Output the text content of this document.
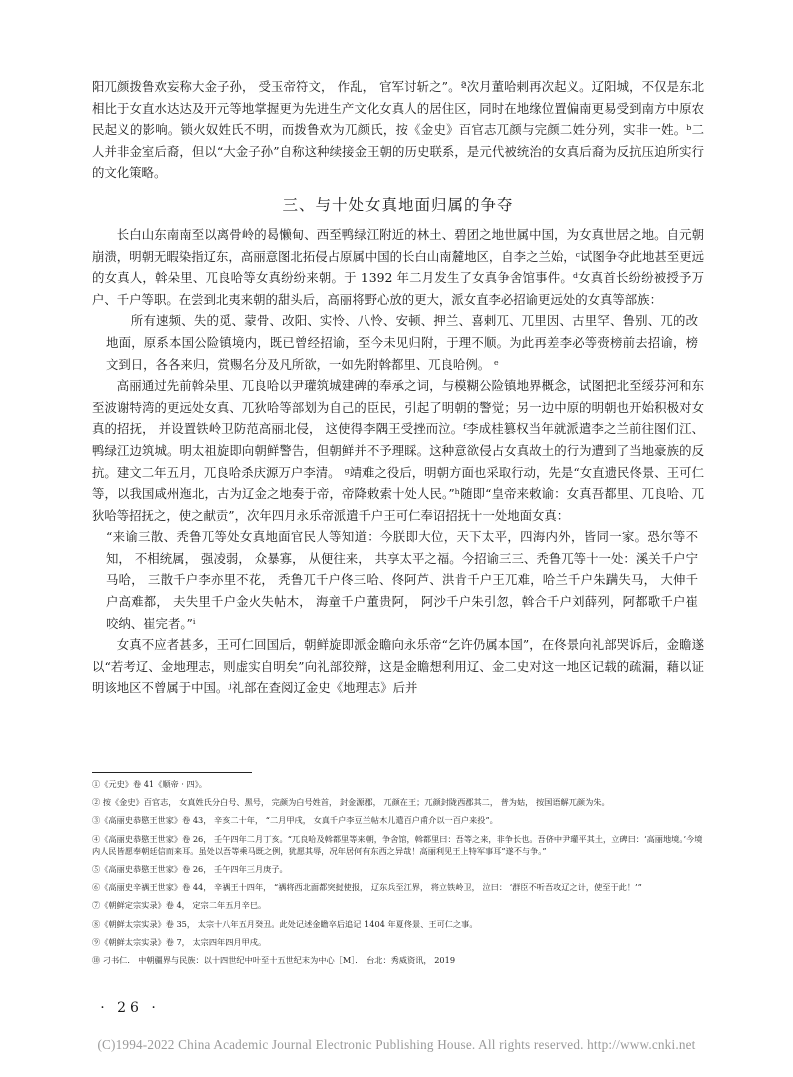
阳兀颜拨鲁欢妄称大金子孙， 受玉帝符文， 作乱， 官军讨斩之”。ª次月董哈剌再次起义。辽阳城，不仅是东北相比于女直水达达及开元等地掌握更为先进生产文化女真人的居住区，同时在地缘位置偏南更易受到南方中原农民起义的影响。锁火奴姓氏不明，而拨鲁欢为兀颜氏，按《金史》百官志兀颜与完颜二姓分列，实非一姓。ᵇ二人并非金室后裔，但以“大金子孙”自称这种续接金王朝的历史联系，是元代被统治的女真后裔为反抗压迫所实行的文化策略。

三、与十处女真地面归属的争夺

长白山东南南至以离骨岭的曷懒甸、西至鸭绿江附近的林土、碧团之地世属中国，为女真世居之地。自元朝崩溃，明朝无暇染指辽东，高丽意图北拓侵占原属中国的长白山南麓地区，自李之兰始，ᶜ试图争夺此地甚至更远的女真人，斡朵里、兀良哈等女真纷纷来朝。于 1392 年二月发生了女真争舍馆事件。ᵈ女真首长纷纷被授予万户、千户等职。在尝到北夷来朝的甜头后，高丽将野心放的更大，派女直李必招谕更远处的女真等部族：

所有速频、失的觅、蒙骨、改阳、实怜、八怜、安顿、押兰、喜剌兀、兀里因、古里罕、鲁别、兀的改地面，原系本国公险镇境内，既已曾经招谕，至今未见归附，于理不顺。为此再差李必等赍榜前去招谕，榜文到日，各各来归，赏赐名分及凡所欲，一如先附斡都里、兀良哈例。 ᵉ

高丽通过先前斡朵里、兀良哈以尹瓘筑城建碑的奉承之词，与模糊公险镇地界概念，试图把北至绥芬河和东至波谢特湾的更远处女真、兀狄哈等部划为自己的臣民，引起了明朝的警觉；另一边中原的明朝也开始积极对女真的招抚， 并设置铁岭卫防范高丽北侵， 这使得李隅王受挫而泣。ᶠ李成桂篡权当年就派遣李之兰前往图们江、鸭绿江边筑城。明太祖旋即向朝鲜警告，但朝鲜并不予理睬。这种意欲侵占女真故土的行为遭到了当地豪族的反抗。建文二年五月，兀良哈杀庆源万户李清。 ᵍ靖难之役后，明朝方面也采取行动，先是“女直遗民佟景、王可仁等，以我国咸州迤北，古为辽金之地奏于帝，帝降敕索十处人民。”ʰ随即“皇帝来敕谕：女真吾都里、兀良哈、兀狄哈等招抚之，使之献贡”，次年四月永乐帝派遣千户王可仁奉诏招抚十一处地面女真：

“来谕三散、秃鲁兀等处女真地面官民人等知道：今朕即大位，天下太平，四海内外，皆同一家。恐尔等不知， 不相统属， 强凌弱， 众暴寡， 从便往来， 共享太平之福。今招谕三三、秃鲁兀等十一处：溪关千户宁马哈， 三散千户李亦里不花， 秃鲁兀千户佟三哈、佟阿芦、洪肯千户王兀难，哈兰千户朱蹒失马， 大伸千户高难都， 夫失里千户金火失帖木， 海童千户董贵阿， 阿沙千户朱引忽，斡合千户刘薛列，阿都歌千户崔咬纳、崔完者。”ⁱ

女真不应者甚多，王可仁回国后，朝鲜旋即派金瞻向永乐帝“乞许仍属本国”，在佟景向礼部哭诉后，金瞻遂以“若考辽、金地理志，则虚实自明矣”向礼部狡辩，这是金瞻想利用辽、金二史对这一地区记载的疏漏，藉以证明该地区不曾属于中国。ʲ礼部在查阅辽金史《地理志》后并

①《元史》卷 41《顺帝 · 四》。

② 按《金史》百官志， 女真姓氏分白号、黑号， 完颜为白号姓首， 封金源郡， 兀颜在王；兀颜封陇西郡其二， 普为姑， 按国语解兀颜为朱。

③《高丽史恭愍王世家》卷 43， 辛亥二十年， “二月甲戌， 女真千户李豆兰帖木儿遣百户甫介以一百户来投”。

④《高丽史恭愍王世家》卷 26， 壬午四年二月丁亥。“兀良哈及斡都里等来朝，争舍馆，斡都里曰：吾等之来，非争长也。吾侪中尹瓘平其土，立碑曰：‘高丽地境。’今境内人民皆愿奉朝廷信而来耳。虽处以吾等乘马既之例，犹愿其辱，况年居何有东西之异哉！高丽利见王上特军事耳”遂不与争。”

⑤《高丽史恭愍王世家》卷 26， 壬午四年三月庚子。

⑥《高丽史辛禑王世家》卷 44， 辛禑王十四年， “禑将西北面都突挝使报， 辽东兵至江界， 将立铁岭卫， 泣曰： ‘群臣不听吾攻辽之计，使至于此！’”

⑦《朝鲜定宗实录》卷 4， 定宗二年五月辛巳。

⑧《朝鲜太宗实录》卷 35， 太宗十八年五月癸丑。此处记述金瞻卒后追记 1404 年夏佟景、王可仁之事。

⑨《朝鲜太宗实录》卷 7， 太宗四年四月甲戌。

⑩ 刁书仁． 中朝疆界与民族：以十四世纪中叶至十五世纪末为中心［M］． 台北：秀威资讯， 2019

· 26 ·
(C)1994-2022 China Academic Journal Electronic Publishing House. All rights reserved. http://www.cnki.net
